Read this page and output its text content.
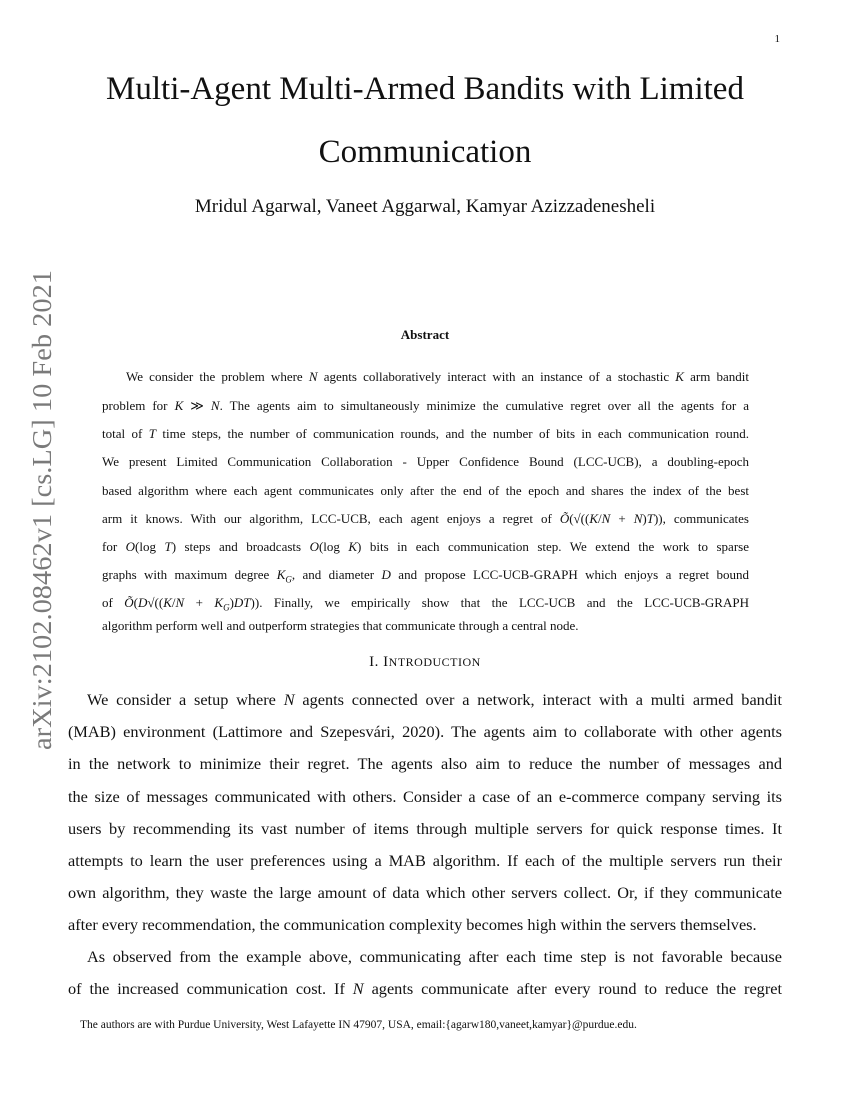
1
arXiv:2102.08462v1 [cs.LG] 10 Feb 2021
Multi-Agent Multi-Armed Bandits with Limited
Communication
Mridul Agarwal, Vaneet Aggarwal, Kamyar Azizzadenesheli
Abstract
We consider the problem where N agents collaboratively interact with an instance of a stochastic K arm bandit
problem for K ≫ N. The agents aim to simultaneously minimize the cumulative regret over all the agents for a
total of T time steps, the number of communication rounds, and the number of bits in each communication round.
We present Limited Communication Collaboration - Upper Confidence Bound (LCC-UCB), a doubling-epoch
based algorithm where each agent communicates only after the end of the epoch and shares the index of the best
arm it knows. With our algorithm, LCC-UCB, each agent enjoys a regret of Õ(√((K/N + N)T)), communicates
for O(log T) steps and broadcasts O(log K) bits in each communication step. We extend the work to sparse
graphs with maximum degree $K_G$, and diameter D and propose LCC-UCB-GRAPH which enjoys a regret bound
of Õ(D√((K/N + $K_G)DT$)). Finally, we empirically show that the LCC-UCB and the LCC-UCB-GRAPH
algorithm perform well and outperform strategies that communicate through a central node.
I. INTRODUCTION
We consider a setup where N agents connected over a network, interact with a multi armed bandit
(MAB) environment (Lattimore and Szepesvári, 2020). The agents aim to collaborate with other agents
in the network to minimize their regret. The agents also aim to reduce the number of messages and
the size of messages communicated with others. Consider a case of an e-commerce company serving its
users by recommending its vast number of items through multiple servers for quick response times. It
attempts to learn the user preferences using a MAB algorithm. If each of the multiple servers run their
own algorithm, they waste the large amount of data which other servers collect. Or, if they communicate
after every recommendation, the communication complexity becomes high within the servers themselves.
As observed from the example above, communicating after each time step is not favorable because
of the increased communication cost. If N agents communicate after every round to reduce the regret
The authors are with Purdue University, West Lafayette IN 47907, USA, email:{agarw180,vaneet,kamyar}@purdue.edu.
